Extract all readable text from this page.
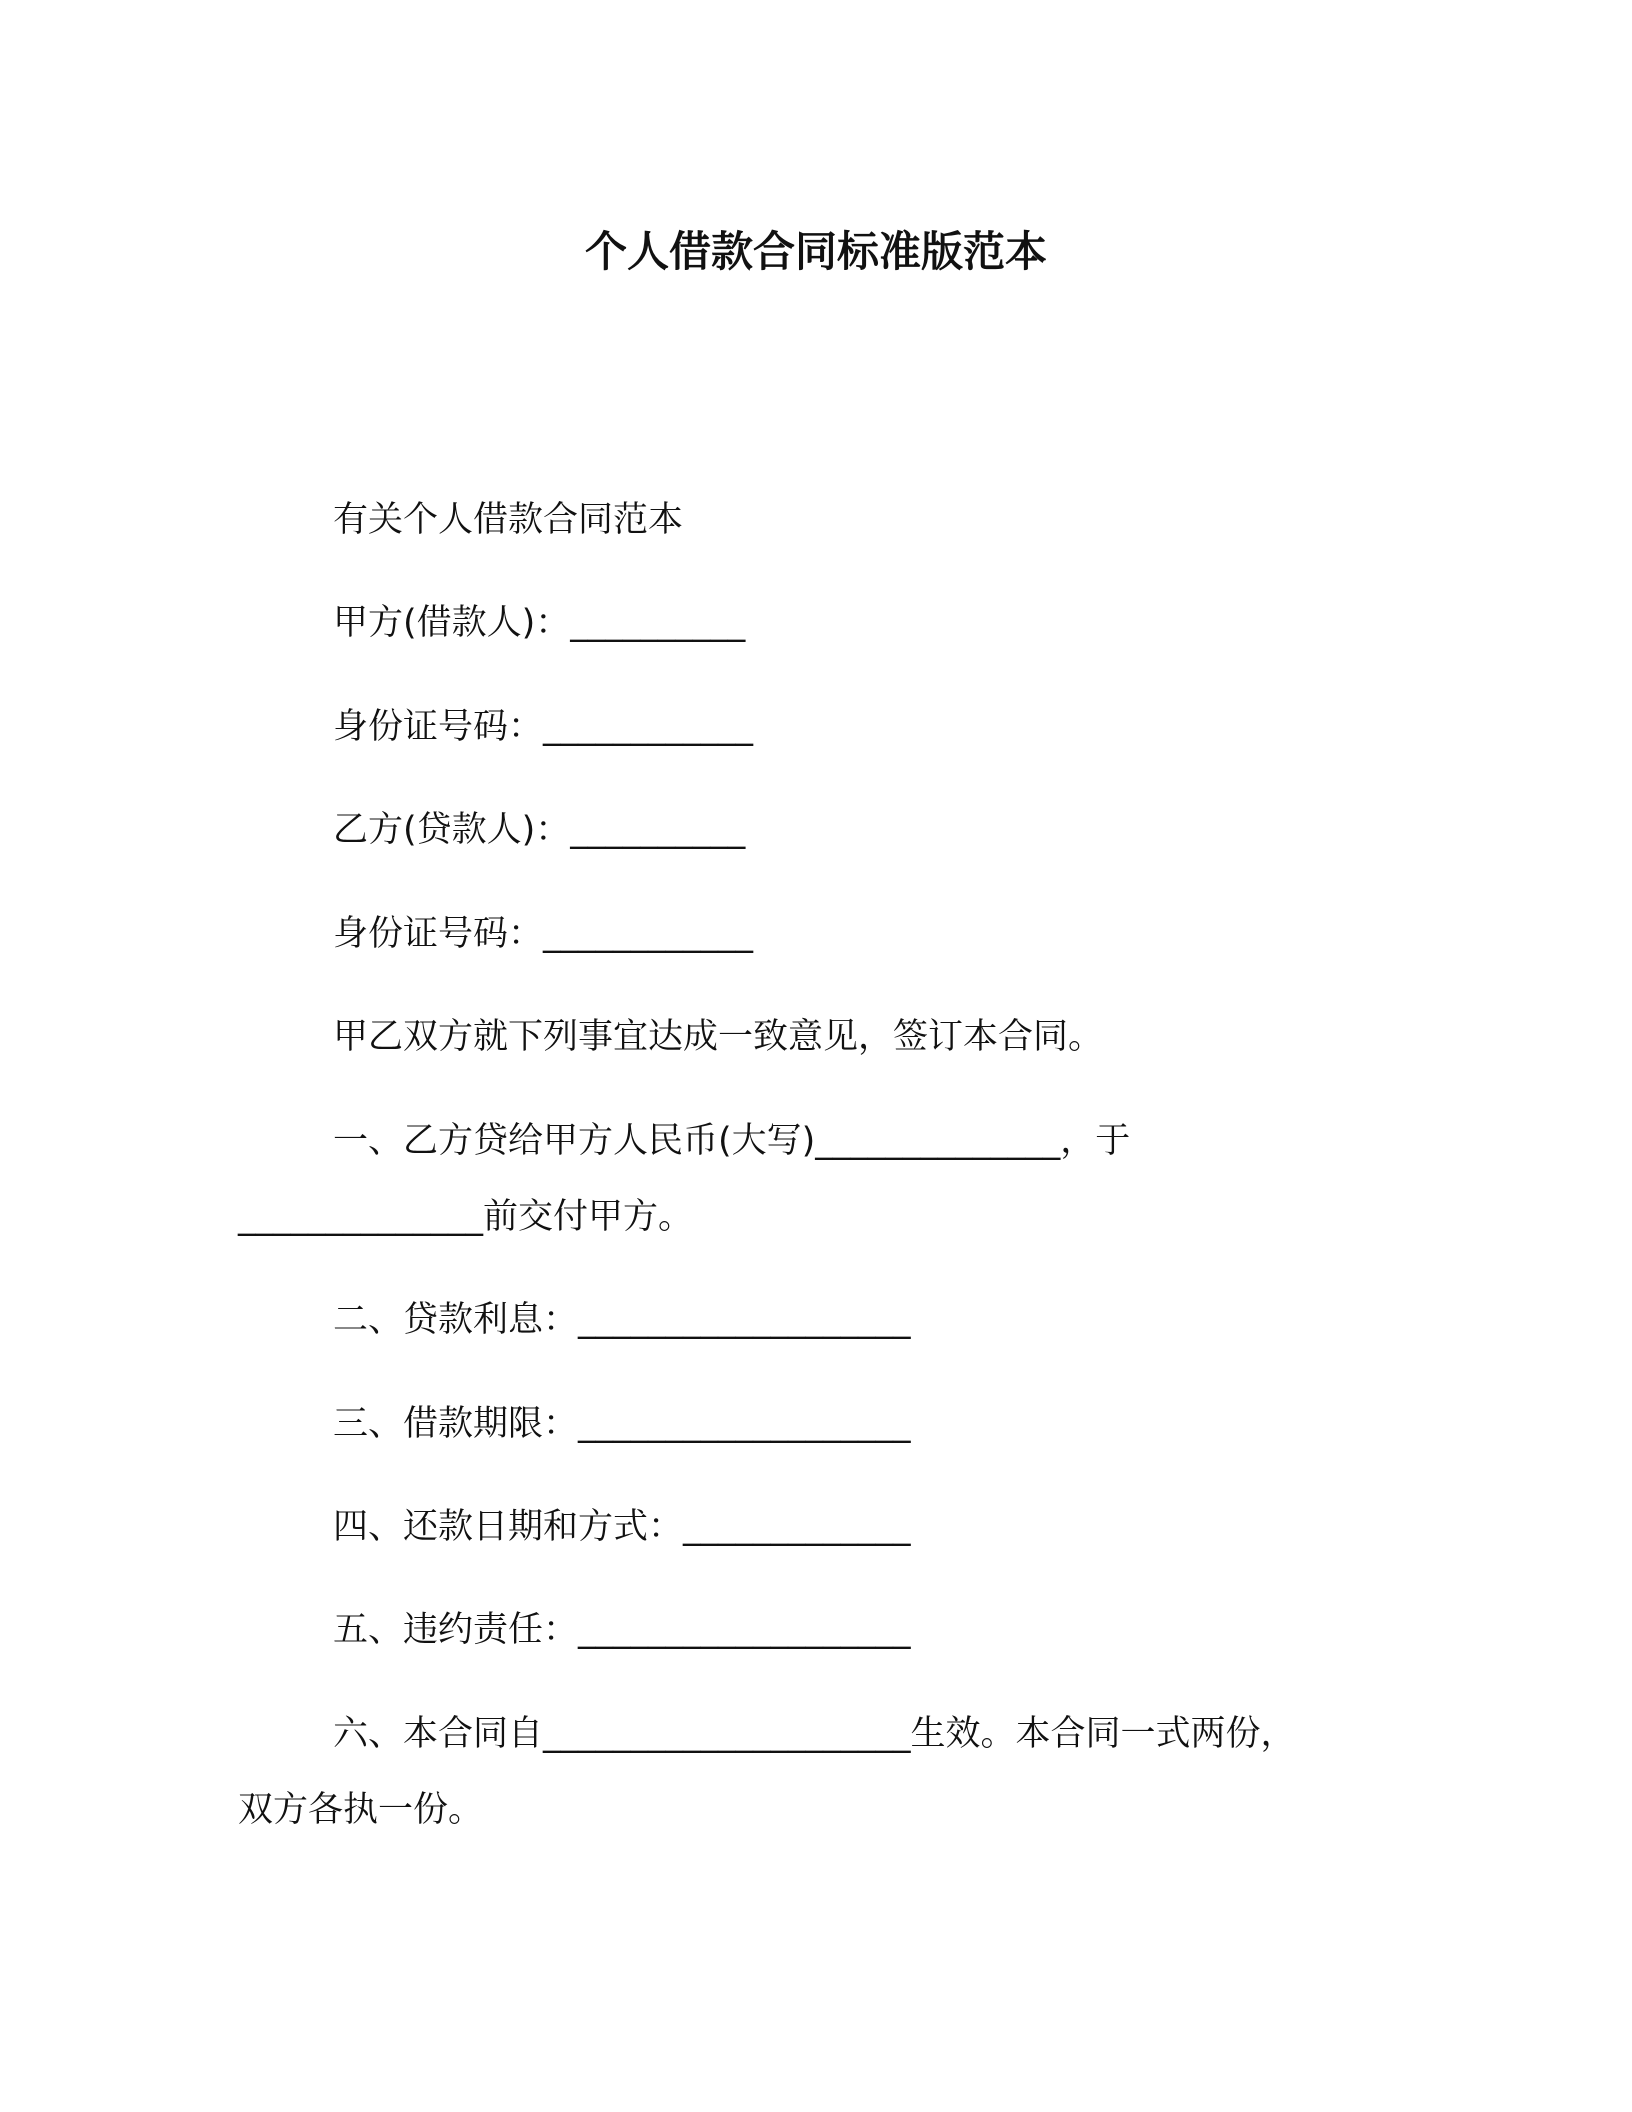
个人借款合同标准版范本
有关个人借款合同范本
甲方(借款人)：__________
身份证号码：____________
乙方(贷款人)：__________
身份证号码：____________
甲乙双方就下列事宜达成一致意见，签订本合同。
一、乙方贷给甲方人民币(大写)______________，于
______________前交付甲方。
二、贷款利息：___________________
三、借款期限：___________________
四、还款日期和方式：_____________
五、违约责任：___________________
六、本合同自_____________________生效。本合同一式两份，
双方各执一份。
